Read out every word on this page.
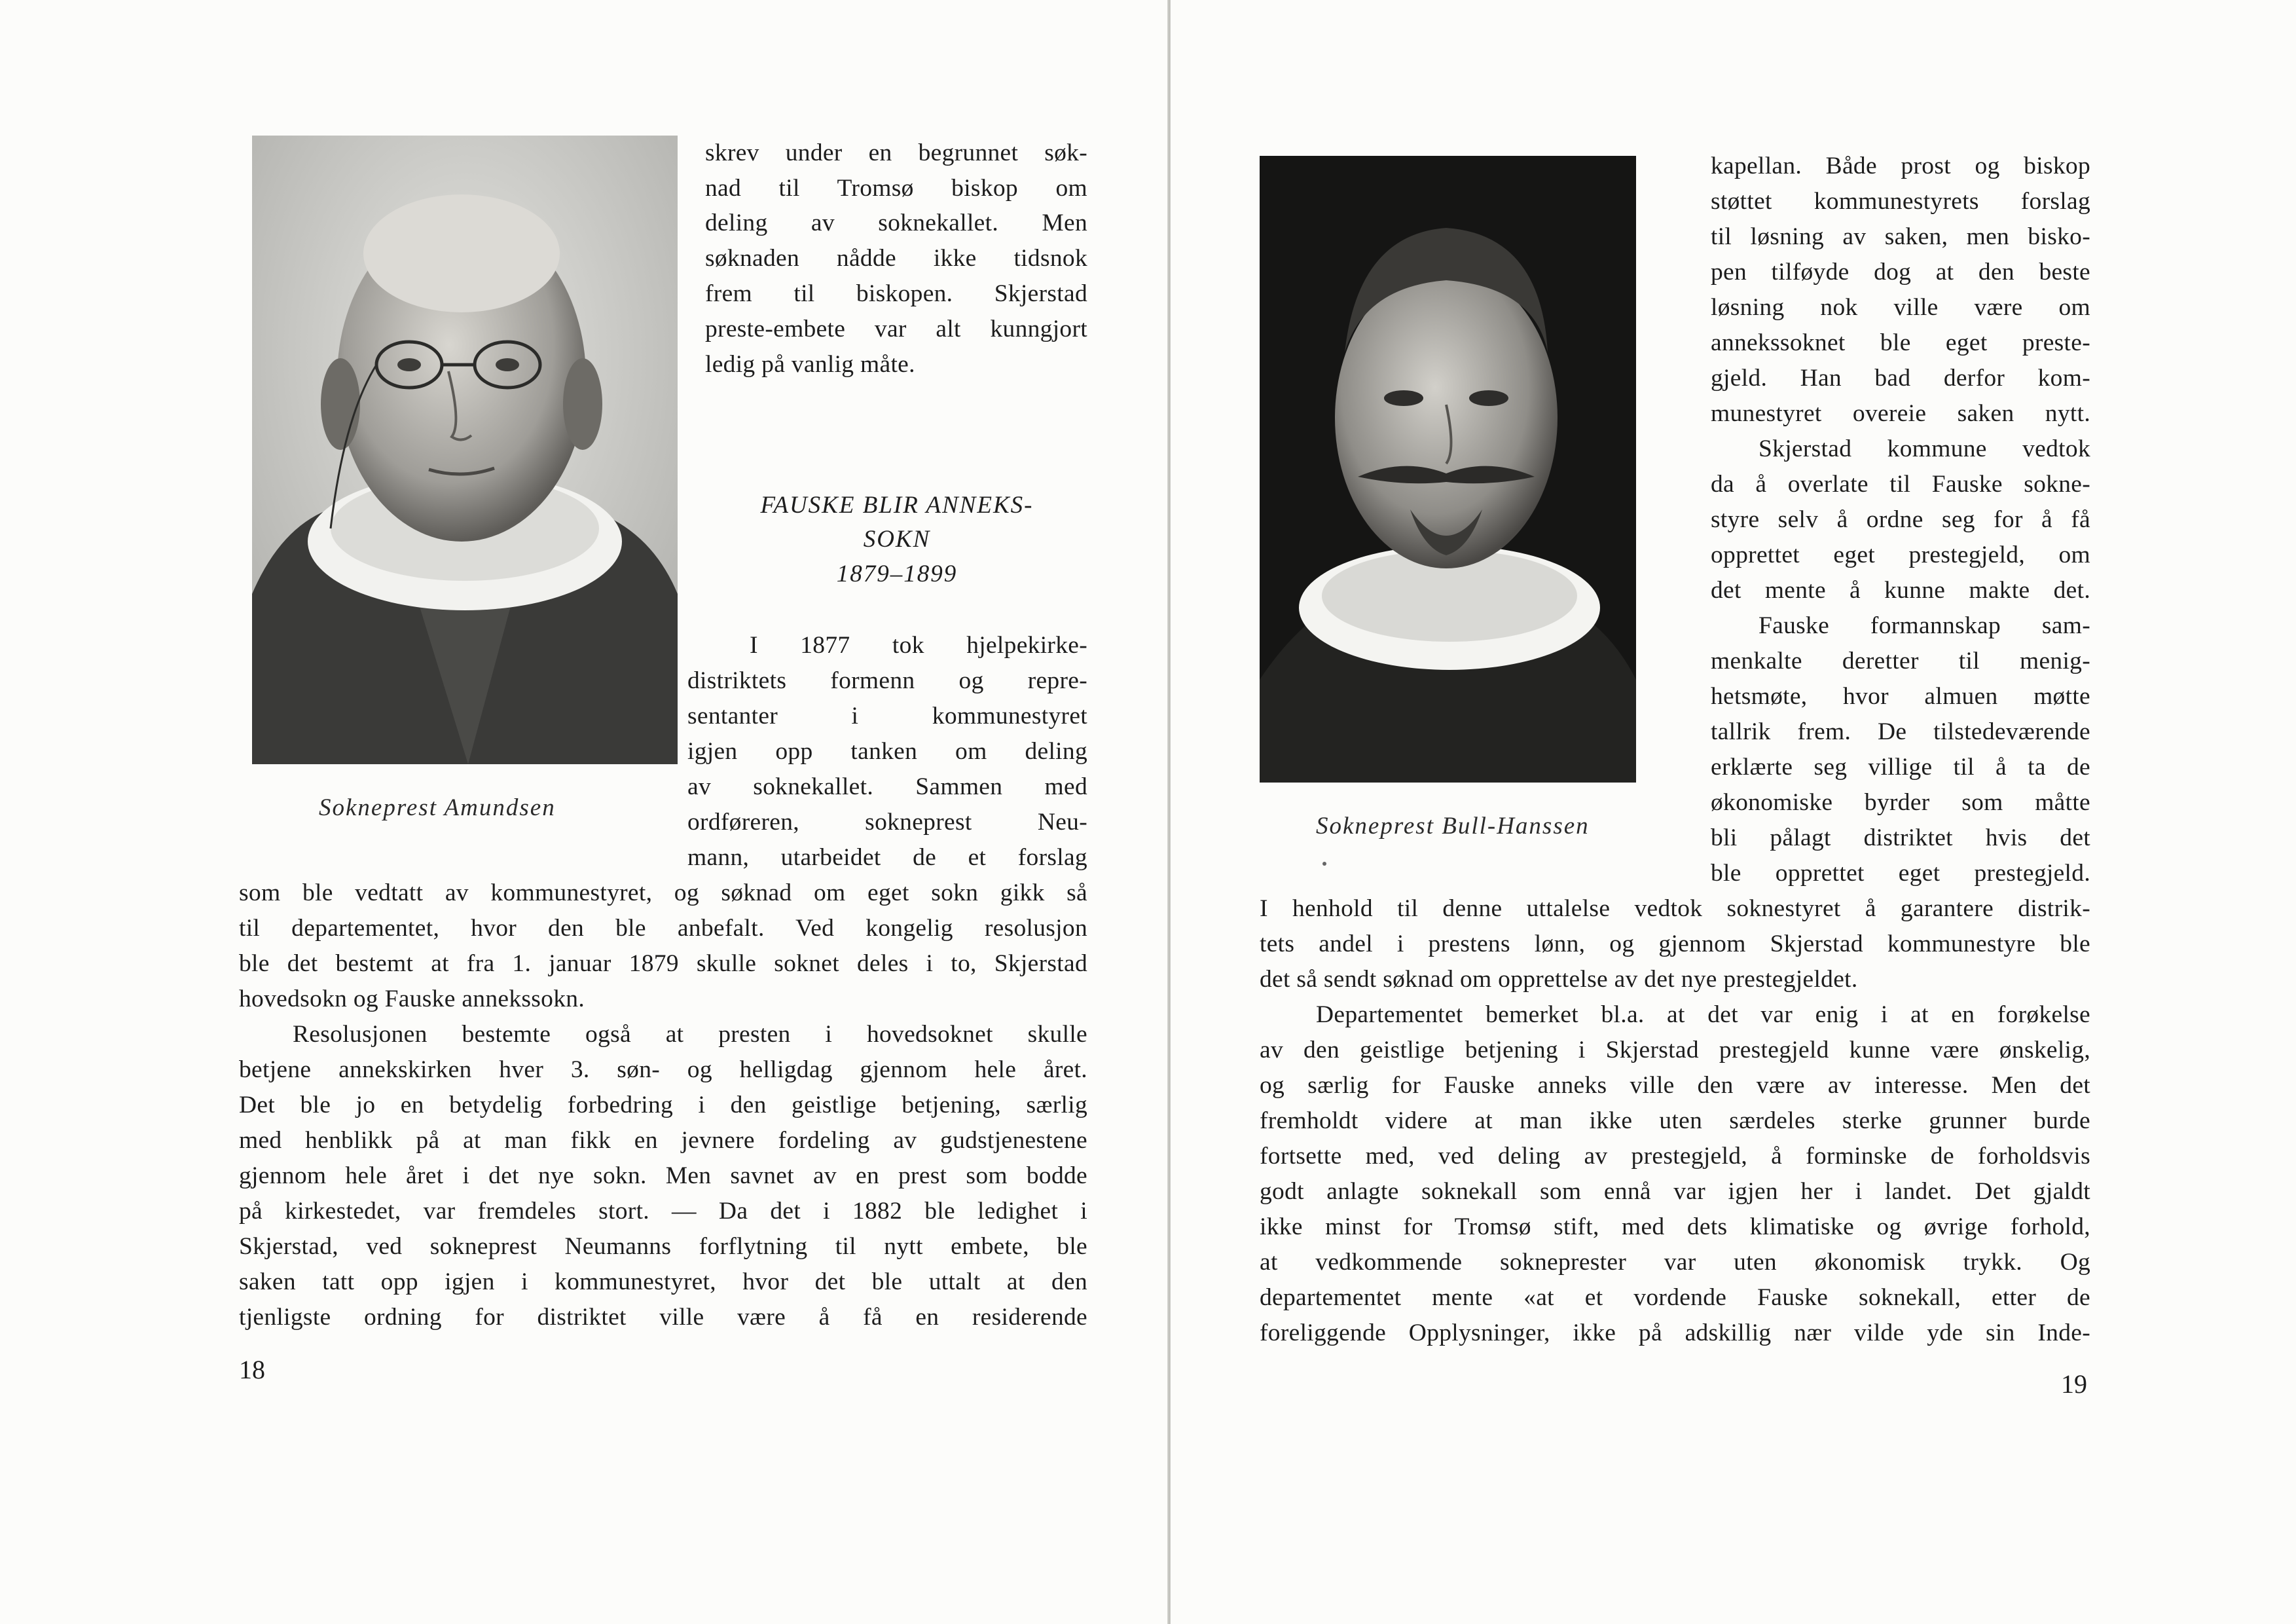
Sokneprest Amundsen
skrev under en begrunnet søk-
nad til Tromsø biskop om
deling av soknekallet. Men
søknaden nådde ikke tidsnok
frem til biskopen. Skjerstad
preste-embete var alt kunngjort
ledig på vanlig måte.
FAUSKE BLIR ANNEKS-
SOKN
1879–1899
I 1877 tok hjelpekirke-
distriktets formenn og repre-
sentanter i kommunestyret
igjen opp tanken om deling
av soknekallet. Sammen med
ordføreren, sokneprest Neu-
mann, utarbeidet de et forslag
som ble vedtatt av kommunestyret, og søknad om eget sokn gikk så
til departementet, hvor den ble anbefalt. Ved kongelig resolusjon
ble det bestemt at fra 1. januar 1879 skulle soknet deles i to, Skjerstad
hovedsokn og Fauske annekssokn.
Resolusjonen bestemte også at presten i hovedsoknet skulle
betjene annekskirken hver 3. søn- og helligdag gjennom hele året.
Det ble jo en betydelig forbedring i den geistlige betjening, særlig
med henblikk på at man fikk en jevnere fordeling av gudstjenestene
gjennom hele året i det nye sokn. Men savnet av en prest som bodde
på kirkestedet, var fremdeles stort. — Da det i 1882 ble ledighet i
Skjerstad, ved sokneprest Neumanns forflytning til nytt embete, ble
saken tatt opp igjen i kommunestyret, hvor det ble uttalt at den
tjenligste ordning for distriktet ville være å få en residerende
18
Sokneprest Bull-Hanssen
kapellan. Både prost og biskop
støttet kommunestyrets forslag
til løsning av saken, men bisko-
pen tilføyde dog at den beste
løsning nok ville være om
annekssoknet ble eget preste-
gjeld. Han bad derfor kom-
munestyret overeie saken nytt.
Skjerstad kommune vedtok
da å overlate til Fauske sokne-
styre selv å ordne seg for å få
opprettet eget prestegjeld, om
det mente å kunne makte det.
Fauske formannskap sam-
menkalte deretter til menig-
hetsmøte, hvor almuen møtte
tallrik frem. De tilstedeværende
erklærte seg villige til å ta de
økonomiske byrder som måtte
bli pålagt distriktet hvis det
ble opprettet eget prestegjeld.
I henhold til denne uttalelse vedtok soknestyret å garantere distrik-
tets andel i prestens lønn, og gjennom Skjerstad kommunestyre ble
det så sendt søknad om opprettelse av det nye prestegjeldet.
Departementet bemerket bl.a. at det var enig i at en forøkelse
av den geistlige betjening i Skjerstad prestegjeld kunne være ønskelig,
og særlig for Fauske anneks ville den være av interesse. Men det
fremholdt videre at man ikke uten særdeles sterke grunner burde
fortsette med, ved deling av prestegjeld, å forminske de forholdsvis
godt anlagte soknekall som ennå var igjen her i landet. Det gjaldt
ikke minst for Tromsø stift, med dets klimatiske og øvrige forhold,
at vedkommende sokneprester var uten økonomisk trykk. Og
departementet mente «at et vordende Fauske soknekall, etter de
foreliggende Opplysninger, ikke på adskillig nær vilde yde sin Inde-
19
